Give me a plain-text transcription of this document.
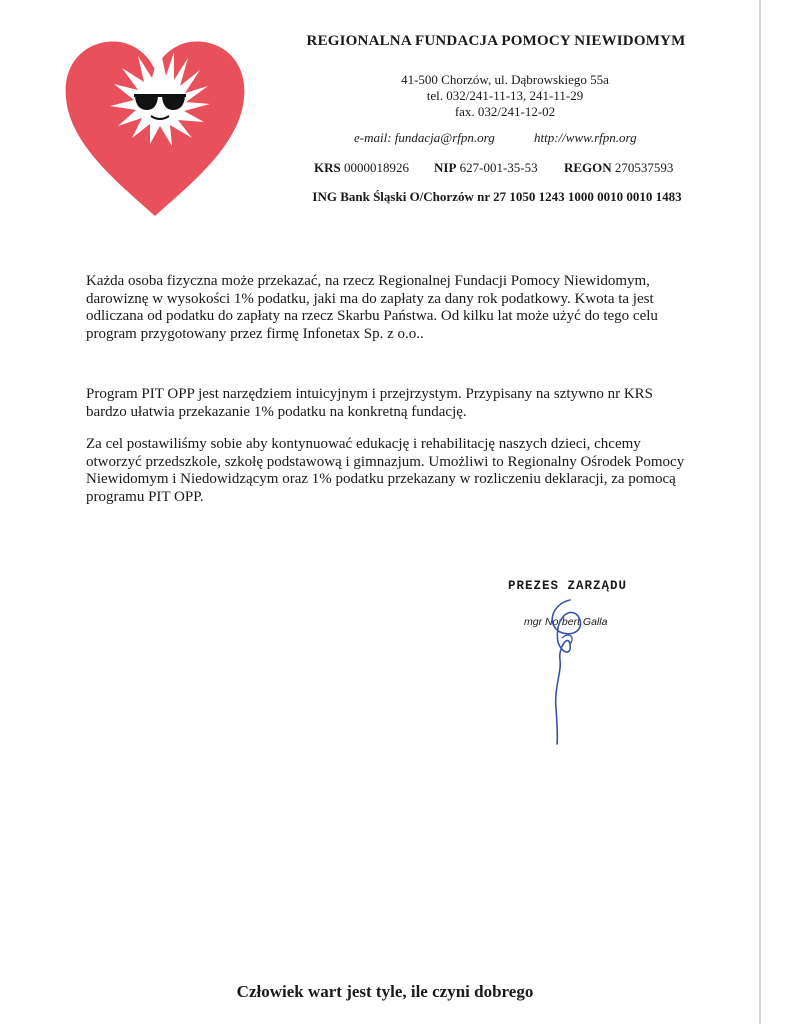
REGIONALNA FUNDACJA POMOCY NIEWIDOMYM
41-500 Chorzów, ul. Dąbrowskiego 55a
tel. 032/241-11-13, 241-11-29
fax. 032/241-12-02
e-mail: fundacja@rfpn.org	http://www.rfpn.org
KRS 0000018926 NIP 627-001-35-53 REGON 270537593
ING Bank Śląski O/Chorzów nr 27 1050 1243 1000 0010 0010 1483

Każda osoba fizyczna może przekazać, na rzecz Regionalnej Fundacji Pomocy Niewidomym, darowiznę w wysokości 1% podatku, jaki ma do zapłaty za dany rok podatkowy. Kwota ta jest odliczana od podatku do zapłaty na rzecz Skarbu Państwa. Od kilku lat może użyć do tego celu program przygotowany przez firmę Infonetax Sp. z o.o..

Program PIT OPP jest narzędziem intuicyjnym i przejrzystym. Przypisany na sztywno nr KRS bardzo ułatwia przekazanie 1% podatku na konkretną fundację.

Za cel postawiliśmy sobie aby kontynuować edukację i rehabilitację naszych dzieci, chcemy otworzyć przedszkole, szkołę podstawową i gimnazjum. Umożliwi to Regionalny Ośrodek Pomocy Niewidomym i Niedowidzącym oraz 1% podatku przekazany w rozliczeniu deklaracji, za pomocą programu PIT OPP.

PREZES ZARZĄDU
mgr Norbert Galla
Człowiek wart jest tyle, ile czyni dobrego
